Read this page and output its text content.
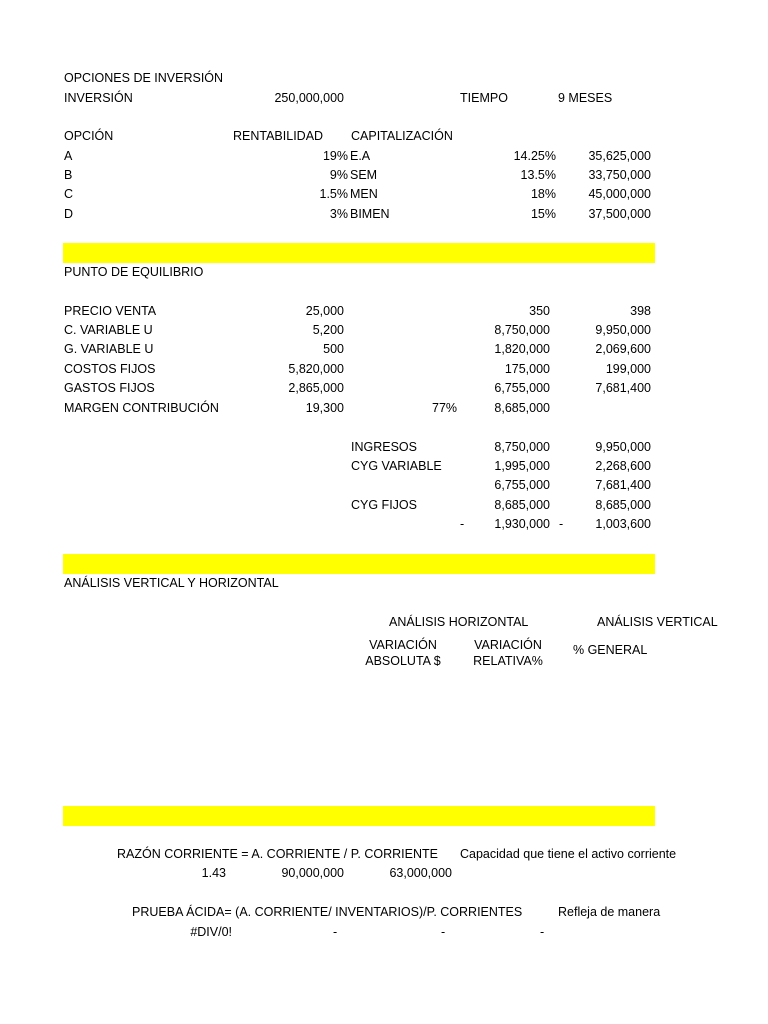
OPCIONES DE INVERSIÓN
INVERSIÓN	250,000,000	TIEMPO	9 MESES
OPCIÓN	RENTABILIDAD CAPITALIZACIÓN
A	19% E.A	14.25%	35,625,000
B	9% SEM	13.5%	33,750,000
C	1.5% MEN	18%	45,000,000
D	3% BIMEN	15%	37,500,000
PUNTO DE EQUILIBRIO
PRECIO VENTA	25,000	350	398
C. VARIABLE U	5,200	8,750,000	9,950,000
G. VARIABLE U	500	1,820,000	2,069,600
COSTOS FIJOS	5,820,000	175,000	199,000
GASTOS FIJOS	2,865,000	6,755,000	7,681,400
MARGEN CONTRIBUCIÓN	19,300	77%	8,685,000
INGRESOS	8,750,000	9,950,000
CYG VARIABLE	1,995,000	2,268,600
6,755,000	7,681,400
CYG FIJOS	8,685,000	8,685,000
-	1,930,000 -	1,003,600
ANÁLISIS VERTICAL Y HORIZONTAL
ANÁLISIS HORIZONTAL	ANÁLISIS VERTICAL
VARIACIÓN
ABSOLUTA $
VARIACIÓN
RELATIVA%
% GENERAL
RAZÓN CORRIENTE = A. CORRIENTE / P. CORRIENTE Capacidad que tiene el activo corriente
1.43	90,000,000	63,000,000
PRUEBA ÁCIDA= (A. CORRIENTE/ INVENTARIOS)/P. CORRIENTES	Refleja de manera
#DIV/0!	-	-	-
